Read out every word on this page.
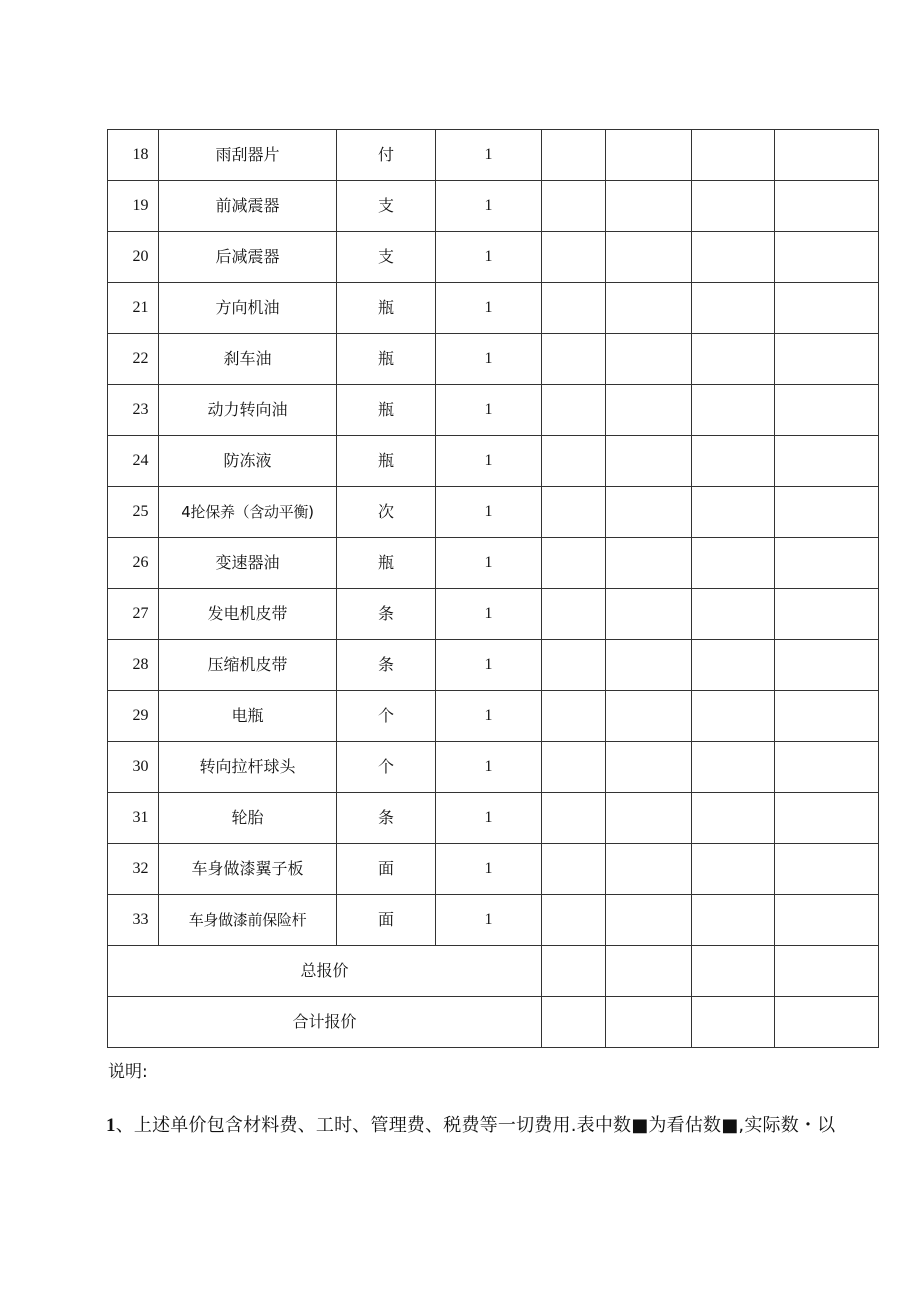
18	雨刮器片	付	1				
19	前减震器	支	1				
20	后减震器	支	1				
21	方向机油	瓶	1				
22	刹车油	瓶	1				
23	动力转向油	瓶	1				
24	防冻液	瓶	1				
25	4抡保养（含动平衡)	次	1				
26	变速器油	瓶	1				
27	发电机皮带	条	1				
28	压缩机皮带	条	1				
29	电瓶	个	1				
30	转向拉杆球头	个	1				
31	轮胎	条	1				
32	车身做漆翼子板	面	1				
33	车身做漆前保险杆	面	1				
总报价							
合计报价							
说明:
1、上述单价包含材料费、工时、管理费、税费等一切费用.表中数■为看估数■,实际数・以
